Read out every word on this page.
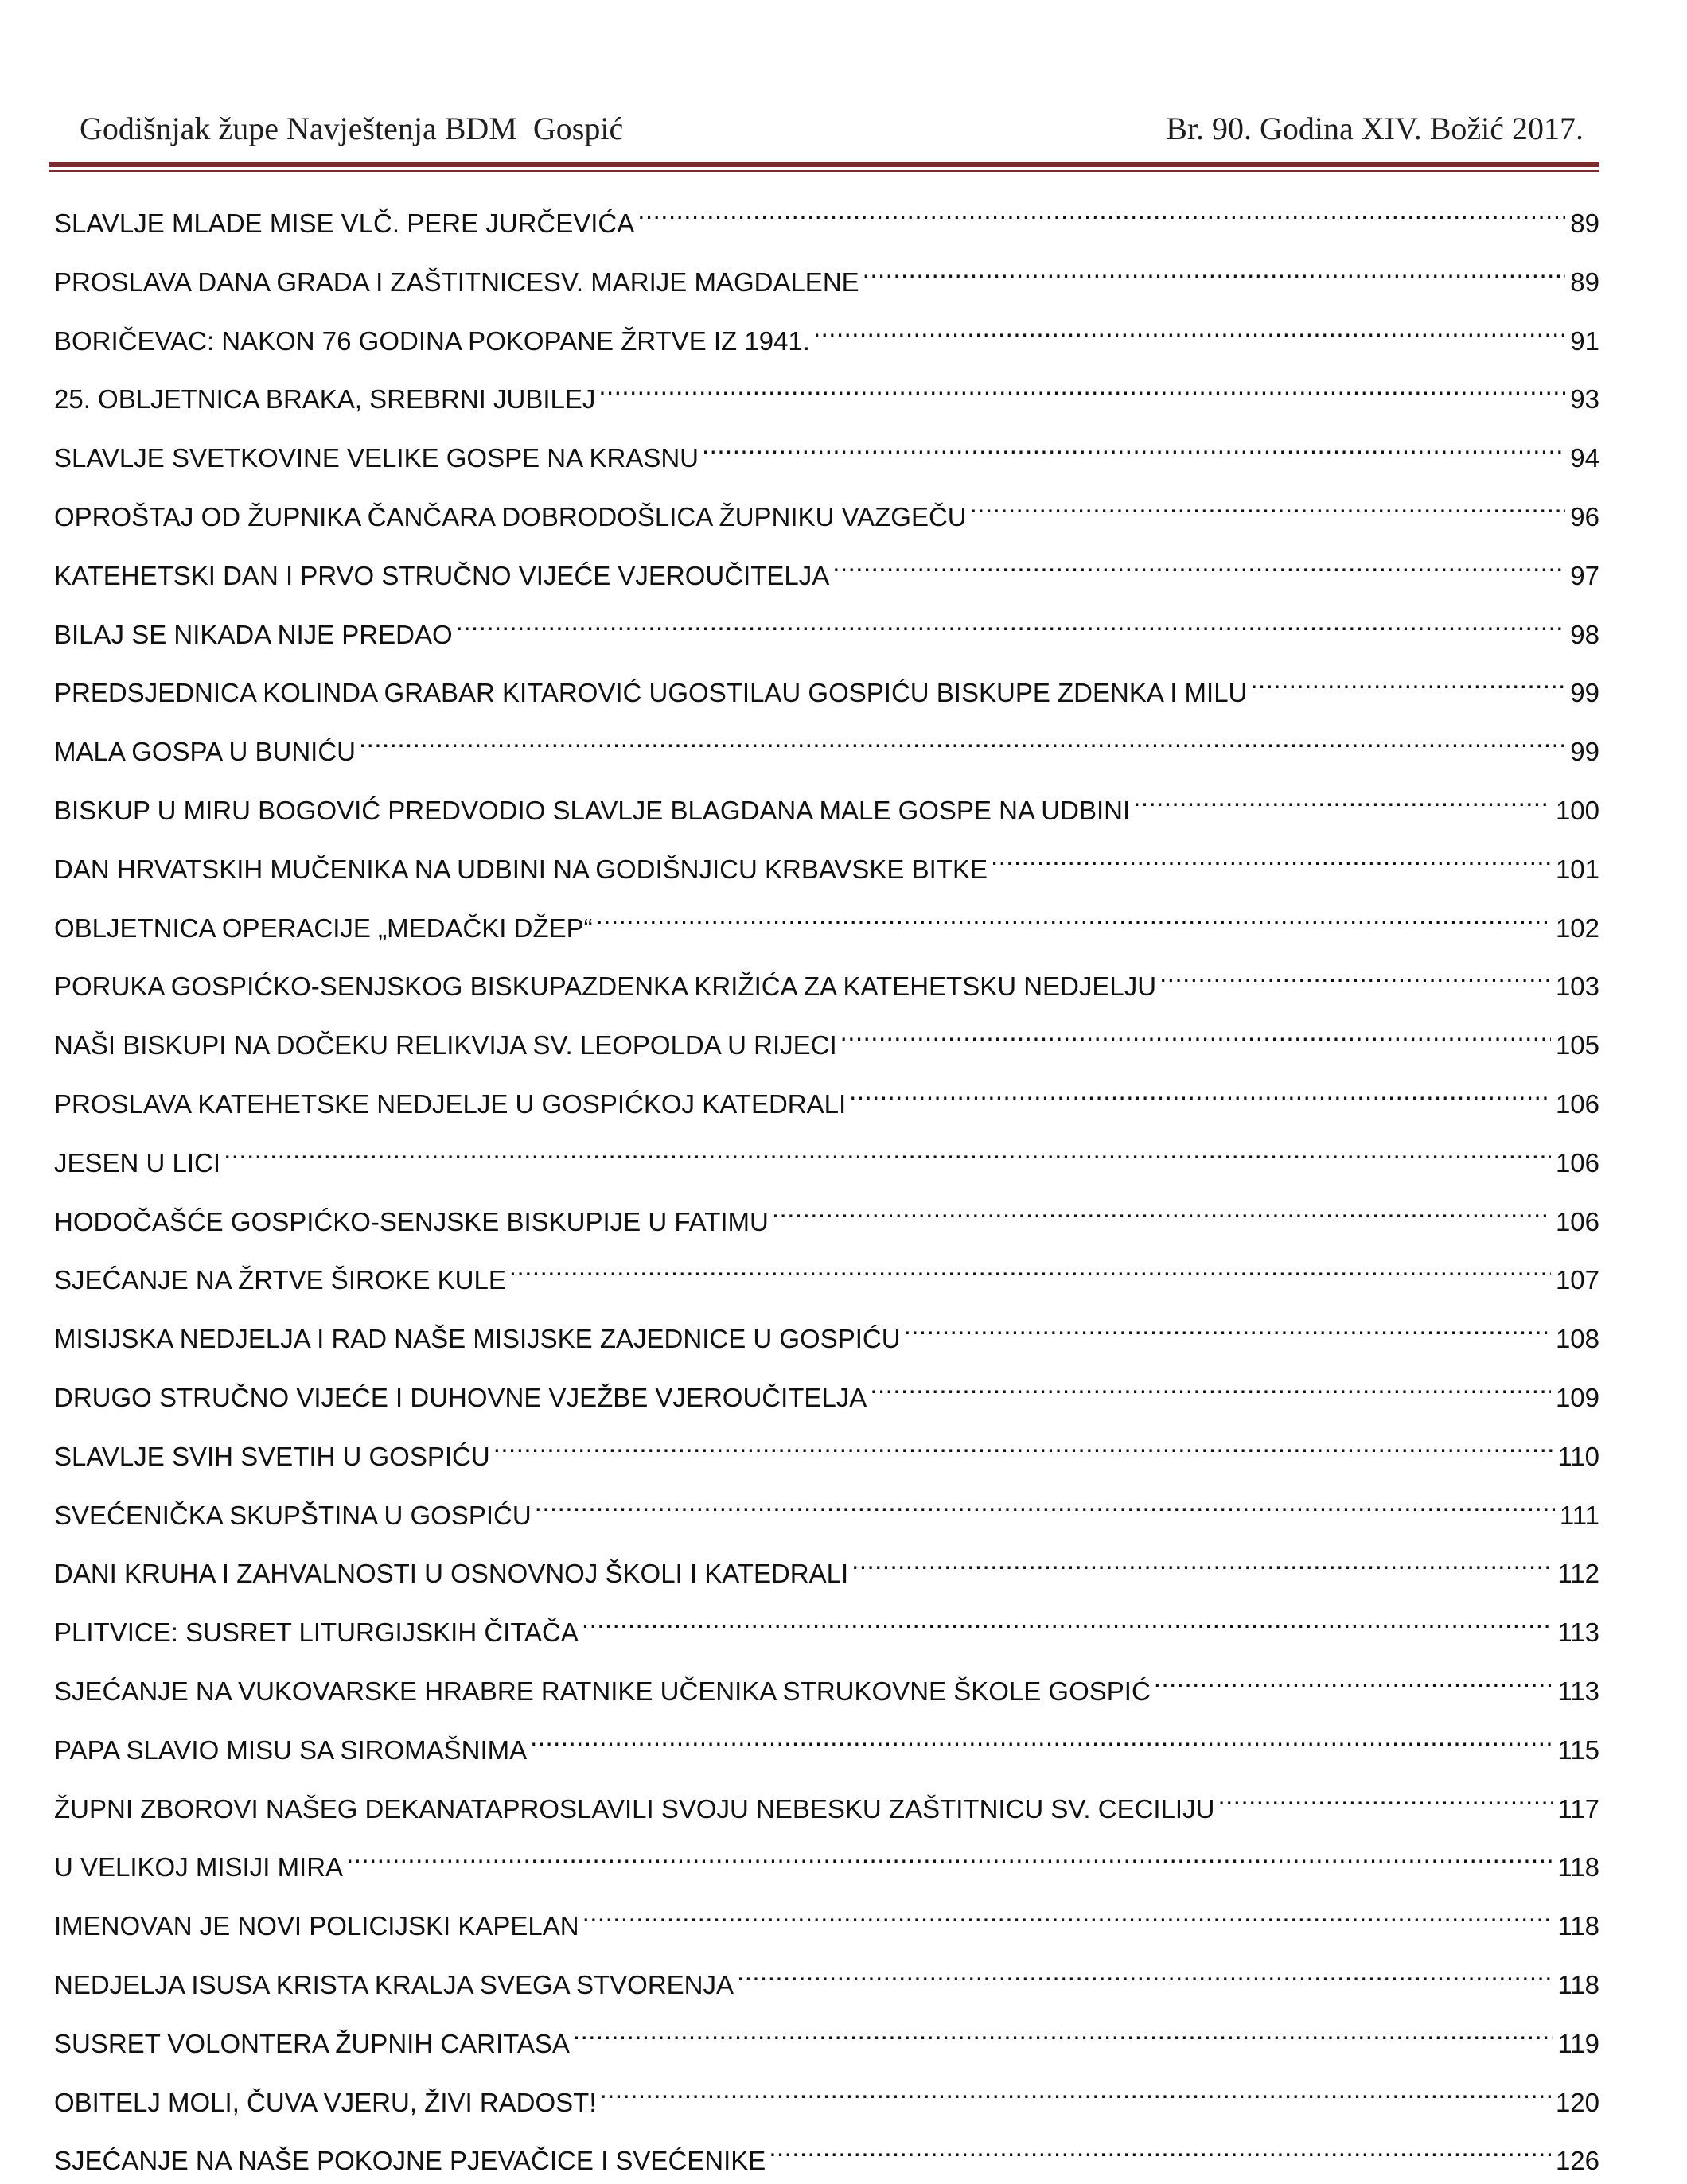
Godišnjak župe Navještenja BDM  Gospić	Br. 90. Godina XIV. Božić 2017.
SLAVLJE MLADE MISE VLČ. PERE JURČEVIĆA .....	89
PROSLAVA DANA GRADA I ZAŠTITNICESV. MARIJE MAGDALENE .....	89
BORIČEVAC: NAKON 76 GODINA POKOPANE ŽRTVE IZ 1941. .....	91
25. OBLJETNICA BRAKA, SREBRNI JUBILEJ .....	93
SLAVLJE SVETKOVINE VELIKE GOSPE NA KRASNU .....	94
OPROŠTAJ OD ŽUPNIKA ČANČARA DOBRODOŠLICA ŽUPNIKU VAZGEČU .....	96
KATEHETSKI DAN I PRVO STRUČNO VIJEĆE VJEROUČITELJA .....	97
BILAJ SE NIKADA NIJE PREDAO .....	98
PREDSJEDNICA KOLINDA GRABAR KITAROVIĆ UGOSTILAU GOSPIĆU BISKUPE ZDENKA I MILU .....	99
MALA GOSPA U BUNIĆU .....	99
BISKUP U MIRU BOGOVIĆ PREDVODIO SLAVLJE BLAGDANA MALE GOSPE NA UDBINI .....	100
DAN HRVATSKIH MUČENIKA NA UDBINI NA GODIŠNJICU KRBAVSKE BITKE .....	101
OBLJETNICA OPERACIJE „MEDAČKI DŽEP“ .....	102
PORUKA GOSPIĆKO-SENJSKOG BISKUPAZDENKA KRIŽIĆA ZA KATEHETSKU NEDJELJU .....	103
NAŠI BISKUPI NA DOČEKU RELIKVIJA SV. LEOPOLDA U RIJECI .....	105
PROSLAVA KATEHETSKE NEDJELJE U GOSPIĆKOJ KATEDRALI .....	106
JESEN U LICI .....	106
HODOČAŠĆE GOSPIĆKO-SENJSKE BISKUPIJE U FATIMU .....	106
SJEĆANJE NA ŽRTVE ŠIROKE KULE .....	107
MISIJSKA NEDJELJA I RAD NAŠE MISIJSKE ZAJEDNICE U GOSPIĆU .....	108
DRUGO STRUČNO VIJEĆE I DUHOVNE VJEŽBE VJEROUČITELJA .....	109
SLAVLJE SVIH SVETIH U GOSPIĆU .....	110
SVEĆENIČKA SKUPŠTINA U GOSPIĆU .....	111
DANI KRUHA I ZAHVALNOSTI U OSNOVNOJ ŠKOLI I KATEDRALI .....	112
PLITVICE: SUSRET LITURGIJSKIH ČITAČA .....	113
SJEĆANJE NA VUKOVARSKE HRABRE RATNIKE UČENIKA STRUKOVNE ŠKOLE GOSPIĆ .....	113
PAPA SLAVIO MISU SA SIROMAŠNIMA .....	115
ŽUPNI ZBOROVI NAŠEG DEKANATAPROSLAVILI SVOJU NEBESKU ZAŠTITNICU SV. CECILIJU .....	117
U VELIKOJ MISIJI MIRA .....	118
IMENOVAN JE NOVI POLICIJSKI KAPELAN .....	118
NEDJELJA ISUSA KRISTA KRALJA SVEGA STVORENJA .....	118
SUSRET VOLONTERA ŽUPNIH CARITASA .....	119
OBITELJ MOLI, ČUVA VJERU, ŽIVI RADOST! .....	120
SJEĆANJE NA NAŠE POKOJNE PJEVAČICE I SVEĆENIKE .....	126
